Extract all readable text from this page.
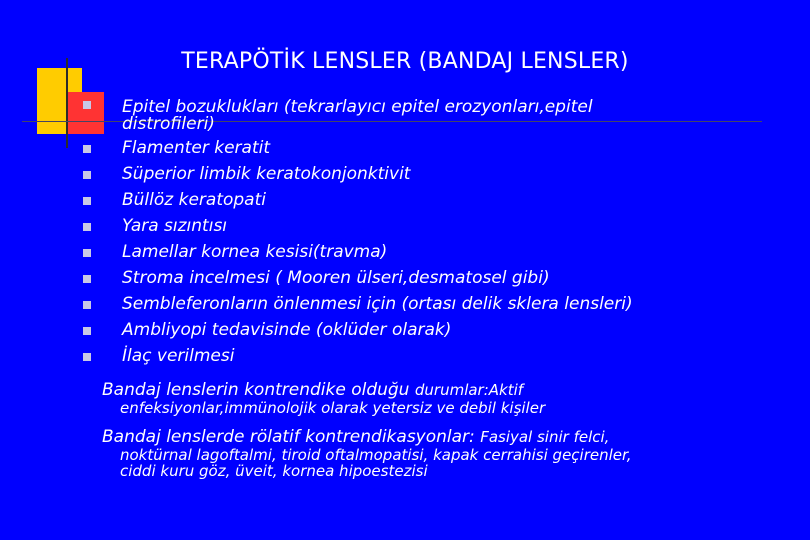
TERAPÖTİK LENSLER (BANDAJ LENSLER)
Epitel bozuklukları (tekrarlayıcı epitel erozyonları,epitel
distrofileri)
Flamenter keratit
Süperior limbik keratokonjonktivit
Büllöz keratopati
Yara sızıntısı
Lamellar kornea kesisi(travma)
Stroma incelmesi ( Mooren ülseri,desmatosel gibi)
Sembleferonların önlenmesi için (ortası delik sklera lensleri)
Ambliyopi tedavisinde (oklüder olarak)
İlaç verilmesi
Bandaj lenslerin kontrendike olduğu durumlar:Aktif
enfeksiyonlar,immünolojik olarak yetersiz ve debil kişiler
Bandaj lenslerde rölatif kontrendikasyonlar: Fasiyal sinir felci,
noktürnal lagoftalmi, tiroid oftalmopatisi, kapak cerrahisi geçirenler,
ciddi kuru göz, üveit, kornea hipoestezisi
